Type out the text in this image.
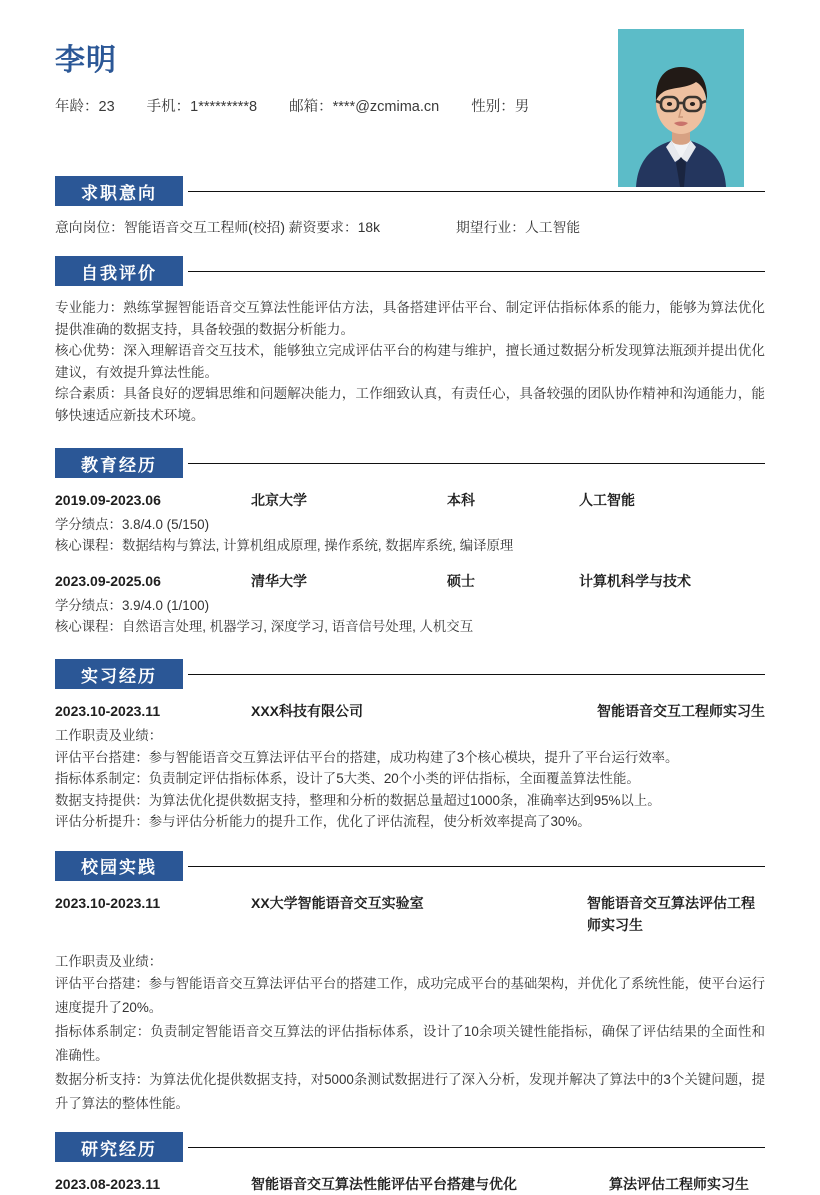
李明
年龄：23 手机：1*********8 邮箱：****@zcmima.cn 性别：男
求职意向
意向岗位：智能语音交互工程师(校招) 薪资要求：18k	期望行业：人工智能
自我评价

专业能力：熟练掌握智能语音交互算法性能评估方法，具备搭建评估平台、制定评估指标体系的能力，能够为算法优化提供准确的数据支持，具备较强的数据分析能力。

核心优势：深入理解语音交互技术，能够独立完成评估平台的构建与维护，擅长通过数据分析发现算法瓶颈并提出优化建议，有效提升算法性能。

综合素质：具备良好的逻辑思维和问题解决能力，工作细致认真，有责任心，具备较强的团队协作精神和沟通能力，能够快速适应新技术环境。

教育经历
2019.09-2023.06	北京大学	本科	人工智能
学分绩点：3.8/4.0 (5/150)
核心课程：数据结构与算法, 计算机组成原理, 操作系统, 数据库系统, 编译原理
2023.09-2025.06	清华大学	硕士	计算机科学与技术
学分绩点：3.9/4.0 (1/100)
核心课程：自然语言处理, 机器学习, 深度学习, 语音信号处理, 人机交互
实习经历
2023.10-2023.11	XXX科技有限公司	智能语音交互工程师实习生
工作职责及业绩：
评估平台搭建：参与智能语音交互算法评估平台的搭建，成功构建了3个核心模块，提升了平台运行效率。
指标体系制定：负责制定评估指标体系，设计了5大类、20个小类的评估指标，全面覆盖算法性能。
数据支持提供：为算法优化提供数据支持，整理和分析的数据总量超过1000条，准确率达到95%以上。
评估分析提升：参与评估分析能力的提升工作，优化了评估流程，使分析效率提高了30%。
校园实践
2023.10-2023.11	XX大学智能语音交互实验室	智能语音交互算法评估工程师实习生
工作职责及业绩：
评估平台搭建：参与智能语音交互算法评估平台的搭建工作，成功完成平台的基础架构，并优化了系统性能，使平台运行速度提升了20%。
指标体系制定：负责制定智能语音交互算法的评估指标体系，设计了10余项关键性能指标，确保了评估结果的全面性和准确性。
数据分析支持：为算法优化提供数据支持，对5000条测试数据进行了深入分析，发现并解决了算法中的3个关键问题，提升了算法的整体性能。
研究经历
2023.08-2023.11	智能语音交互算法性能评估平台搭建与优化	算法评估工程师实习生
